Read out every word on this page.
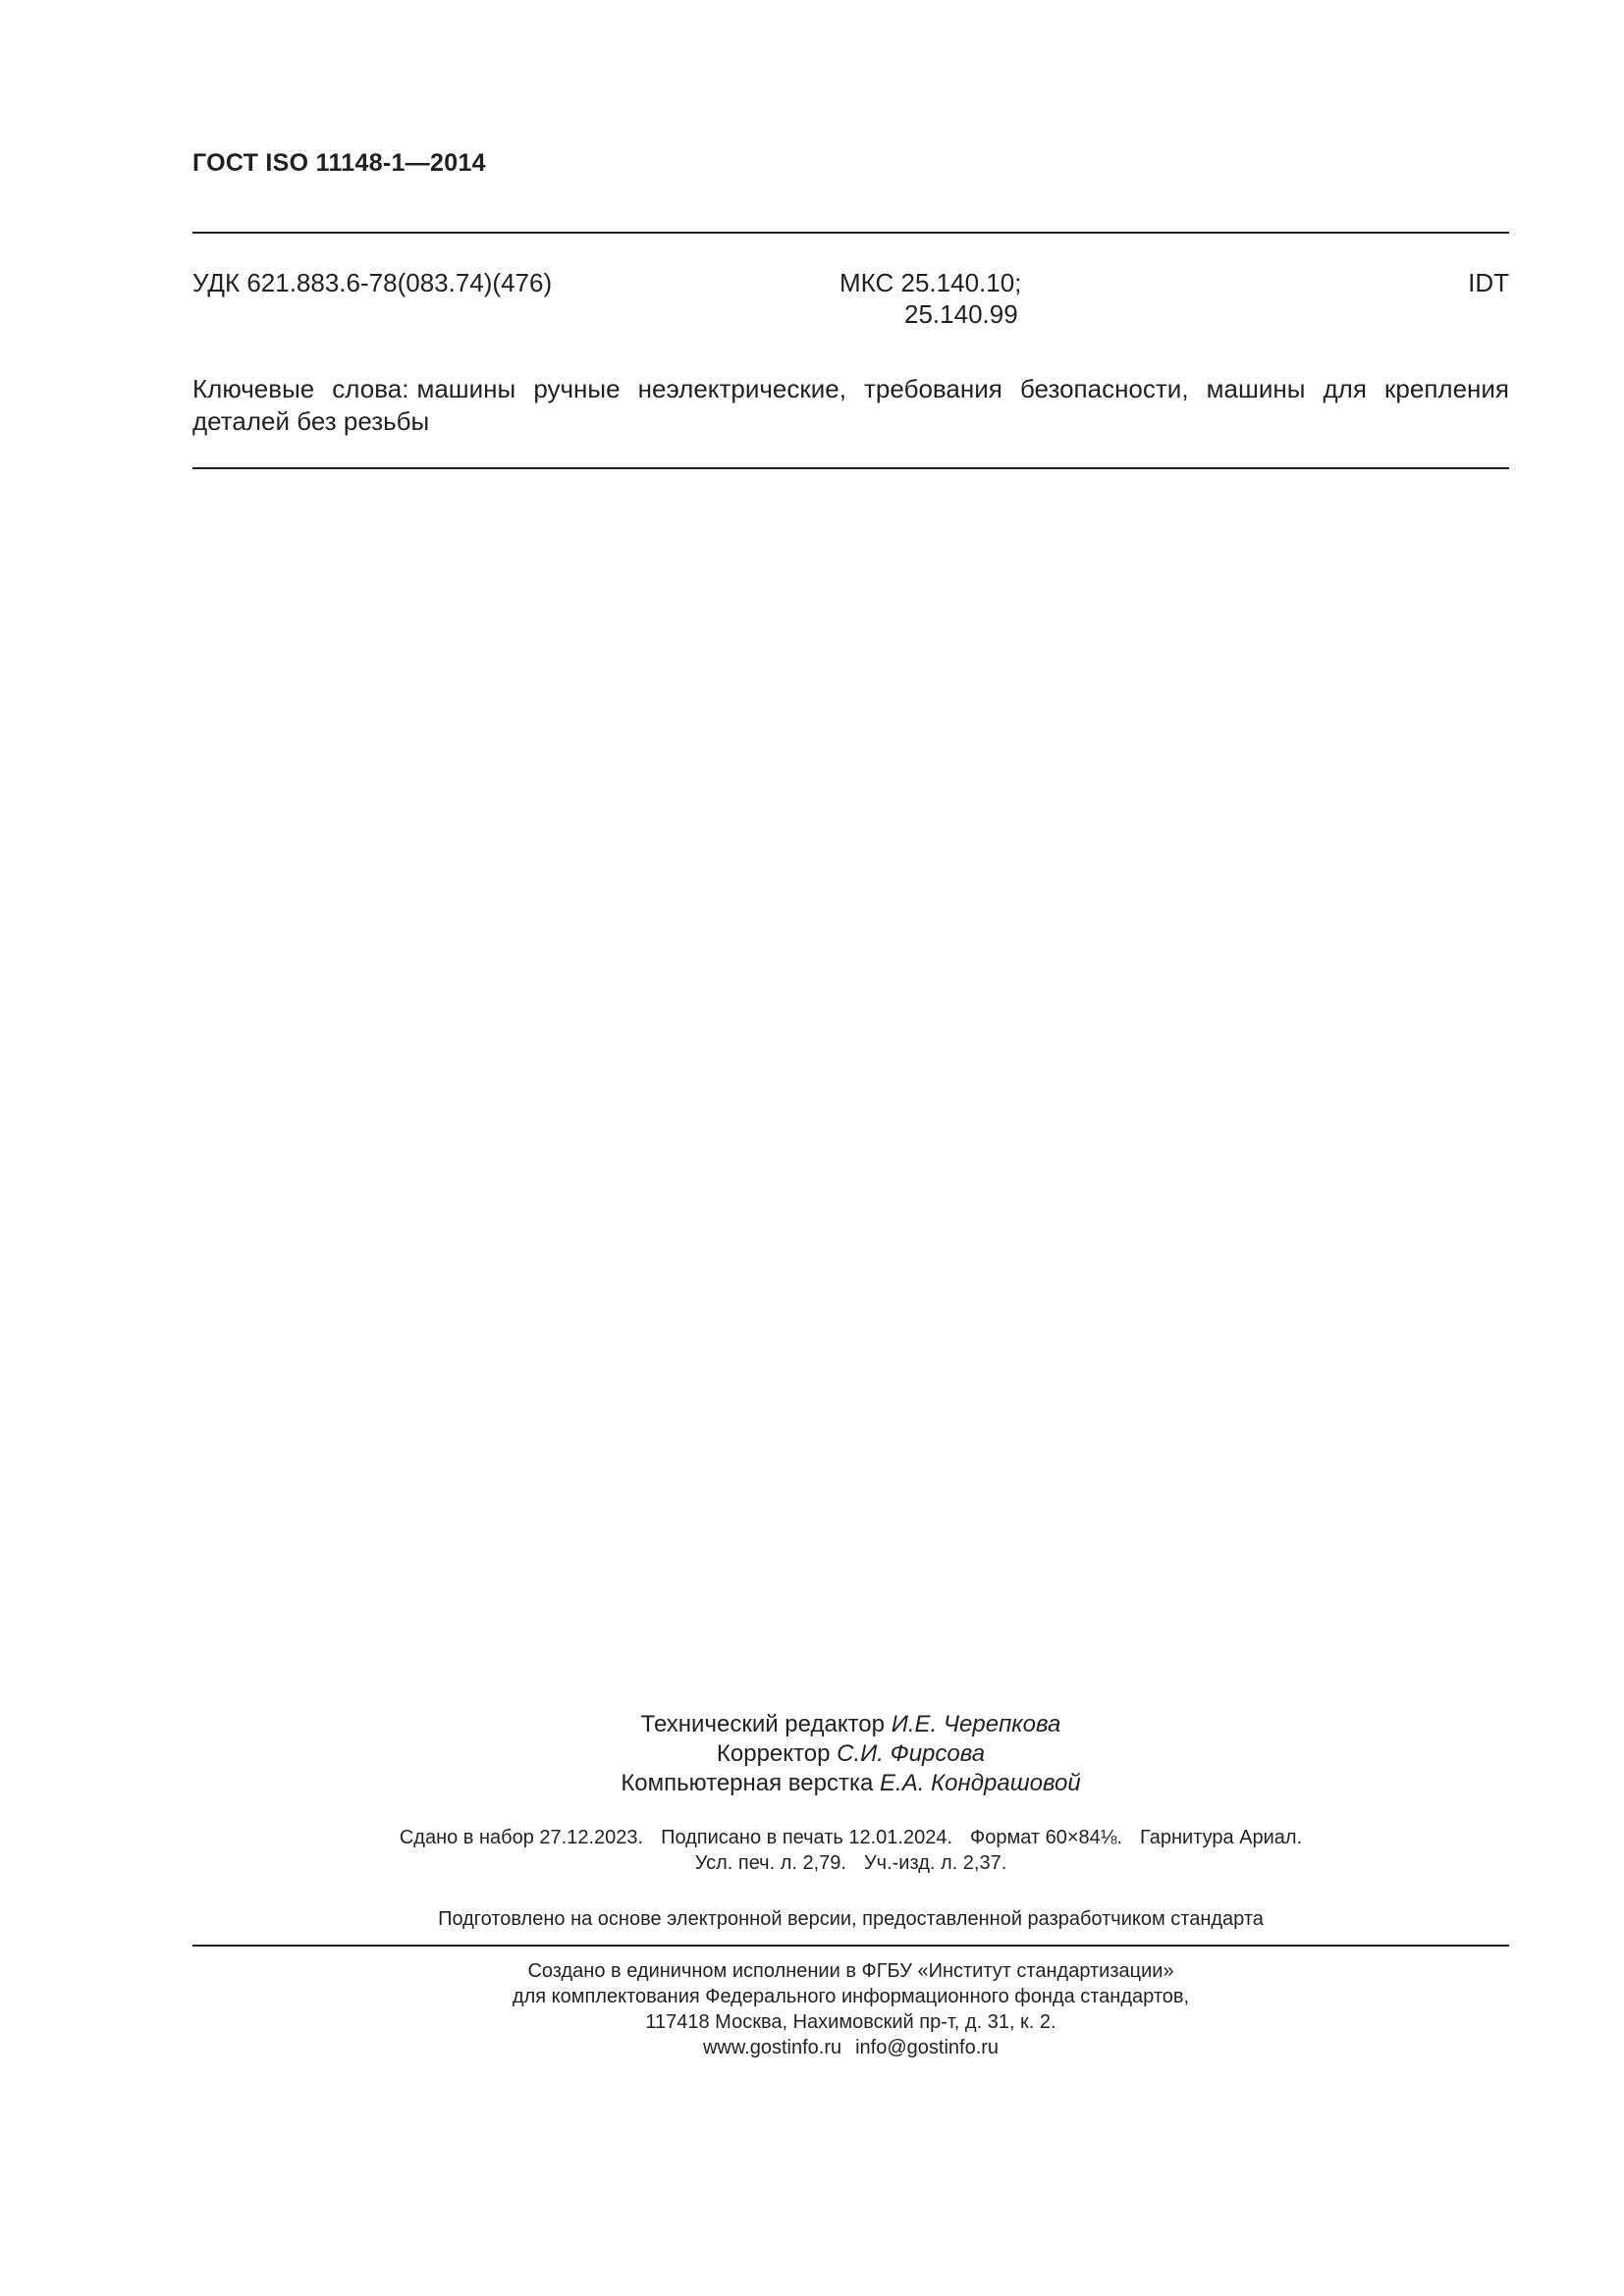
ГОСТ ISO 11148-1—2014
УДК 621.883.6-78(083.74)(476)	МКС 25.140.10;
25.140.99
IDT
Ключевые слова: машины ручные неэлектрические, требования безопасности, машины для крепления деталей без резьбы
Технический редактор И.Е. Черепкова
Корректор С.И. Фирсова
Компьютерная верстка Е.А. Кондрашовой
Сдано в набор 27.12.2023. Подписано в печать 12.01.2024. Формат 60×84⅛. Гарнитура Ариал.
Усл. печ. л. 2,79. Уч.-изд. л. 2,37.
Подготовлено на основе электронной версии, предоставленной разработчиком стандарта
Создано в единичном исполнении в ФГБУ «Институт стандартизации»
для комплектования Федерального информационного фонда стандартов,
117418 Москва, Нахимовский пр-т, д. 31, к. 2.
www.gostinfo.ru info@gostinfo.ru
